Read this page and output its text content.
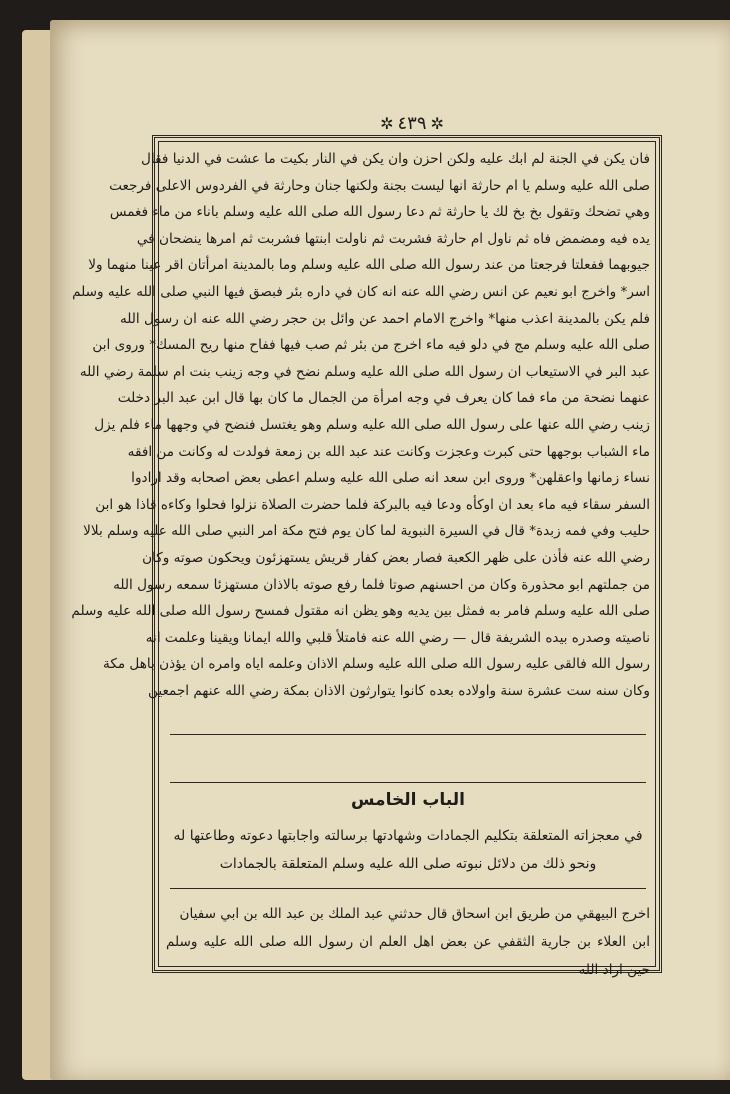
✲ ٤٣٩ ✲
فان يكن في الجنة لم ابك عليه ولكن احزن وان يكن في النار بكيت ما عشت في الدنيا فقال
صلى الله عليه وسلم يا ام حارثة انها ليست بجنة ولكنها جنان وحارثة في الفردوس الاعلى فرجعت
وهي تضحك وتقول بخ بخ لك يا حارثة ثم دعا رسول الله صلى الله عليه وسلم باناء من ماء فغمس
يده فيه ومضمض فاه ثم ناول ام حارثة فشربت ثم ناولت ابنتها فشربت ثم امرها ينضحان في
جيوبهما ففعلتا فرجعتا من عند رسول الله صلى الله عليه وسلم وما بالمدينة امرأتان اقر عينا منهما ولا
اسر* واخرج ابو نعيم عن انس رضي الله عنه انه كان في داره بئر فبصق فيها النبي صلى الله عليه وسلم
فلم يكن بالمدينة اعذب منها* واخرج الامام احمد عن وائل بن حجر رضي الله عنه ان رسول الله
صلى الله عليه وسلم مج في دلو فيه ماء اخرج من بئر ثم صب فيها ففاح منها ريح المسك* وروى ابن
عبد البر في الاستيعاب ان رسول الله صلى الله عليه وسلم نضح في وجه زينب بنت ام سلمة رضي الله
عنهما نضحة من ماء فما كان يعرف في وجه امرأة من الجمال ما كان بها قال ابن عبد البر دخلت
زينب رضي الله عنها على رسول الله صلى الله عليه وسلم وهو يغتسل فنضح في وجهها ماء فلم يزل
ماء الشباب بوجهها حتى كبرت وعجزت وكانت عند عبد الله بن زمعة فولدت له وكانت من افقه
نساء زمانها واعقلهن* وروى ابن سعد انه صلى الله عليه وسلم اعطى بعض اصحابه وقد ارادوا
السفر سقاء فيه ماء بعد ان اوكأه ودعا فيه بالبركة فلما حضرت الصلاة نزلوا فحلوا وكاءه فاذا هو ابن
حليب وفي فمه زبدة* قال في السيرة النبوية لما كان يوم فتح مكة امر النبي صلى الله عليه وسلم بلالا
رضي الله عنه فأذن على ظهر الكعبة فصار بعض كفار قريش يستهزئون ويحكون صوته وكان
من جملتهم ابو محذورة وكان من احسنهم صوتا فلما رفع صوته بالاذان مستهزئا سمعه رسول الله
صلى الله عليه وسلم فامر به فمثل بين يديه وهو يظن انه مقتول فمسح رسول الله صلى الله عليه وسلم
ناصيته وصدره بيده الشريفة قال — رضي الله عنه فامتلأ قلبي والله ايمانا ويقينا وعلمت انه
رسول الله فالقى عليه رسول الله صلى الله عليه وسلم الاذان وعلمه اياه وامره ان يؤذن باهل مكة
وكان سنه ست عشرة سنة واولاده بعده كانوا يتوارثون الاذان بمكة رضي الله عنهم اجمعين
الباب الخامس
في معجزاته المتعلقة بتكليم الجمادات وشهادتها برسالته واجابتها دعوته وطاعتها له
ونحو ذلك من دلائل نبوته صلى الله عليه وسلم المتعلقة بالجمادات
اخرج البيهقي من طريق ابن اسحاق قال حدثني عبد الملك بن عبد الله بن ابي سفيان
ابن العلاء بن جارية الثقفي عن بعض اهل العلم ان رسول الله صلى الله عليه وسلم حين اراد الله
